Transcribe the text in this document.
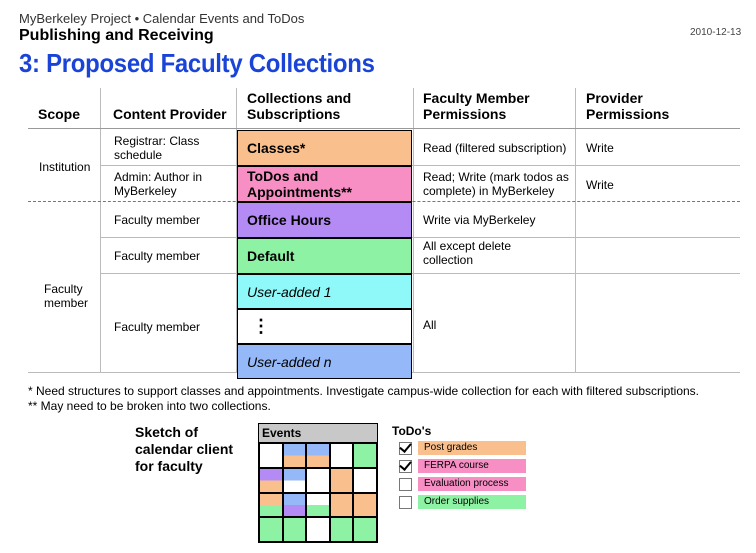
MyBerkeley Project • Calendar Events and ToDos
Publishing and Receiving	2010-12-13
3: Proposed Faculty Collections
Scope Content Provider
Collections and Subscriptions
Faculty Member Permissions
Provider Permissions
Institution
Faculty member
Registrar: Class schedule
Admin: Author in MyBerkeley
Faculty member
Faculty member
Faculty member
Classes*
ToDos and Appointments**
Office Hours
Default
User-added 1
⋮
User-added n
Read (filtered subscription)
Read; Write (mark todos as complete) in MyBerkeley
Write via MyBerkeley
All except delete collection
All
Write
Write
* Need structures to support classes and appointments. Investigate campus-wide collection for each with filtered subscriptions.
** May need to be broken into two collections.
Sketch of
calendar client
for faculty
Events	ToDo's
Post grades
FERPA course
Evaluation process
Order supplies
